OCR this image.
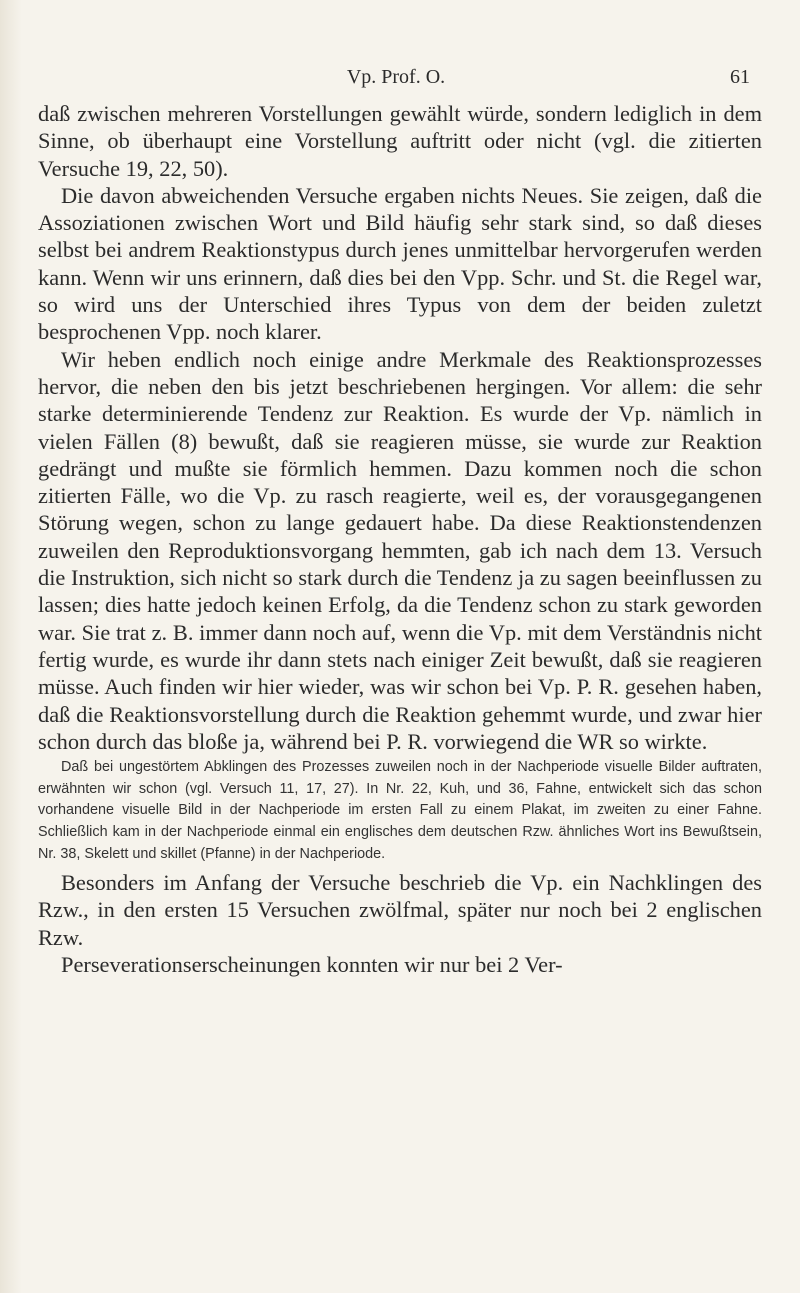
Vp. Prof. O.	61

daß zwischen mehreren Vorstellungen gewählt würde, sondern lediglich in dem Sinne, ob überhaupt eine Vorstellung auftritt oder nicht (vgl. die zitierten Versuche 19, 22, 50).

Die davon abweichenden Versuche ergaben nichts Neues. Sie zeigen, daß die Assoziationen zwischen Wort und Bild häufig sehr stark sind, so daß dieses selbst bei andrem Reaktionstypus durch jenes unmittelbar hervorgerufen werden kann. Wenn wir uns erinnern, daß dies bei den Vpp. Schr. und St. die Regel war, so wird uns der Unterschied ihres Typus von dem der beiden zuletzt besprochenen Vpp. noch klarer.

Wir heben endlich noch einige andre Merkmale des Reaktionsprozesses hervor, die neben den bis jetzt beschriebenen hergingen. Vor allem: die sehr starke determinierende Tendenz zur Reaktion. Es wurde der Vp. nämlich in vielen Fällen (8) bewußt, daß sie reagieren müsse, sie wurde zur Reaktion gedrängt und mußte sie förmlich hemmen. Dazu kommen noch die schon zitierten Fälle, wo die Vp. zu rasch reagierte, weil es, der vorausgegangenen Störung wegen, schon zu lange gedauert habe. Da diese Reaktionstendenzen zuweilen den Reproduktionsvorgang hemmten, gab ich nach dem 13. Versuch die Instruktion, sich nicht so stark durch die Tendenz ja zu sagen beeinflussen zu lassen; dies hatte jedoch keinen Erfolg, da die Tendenz schon zu stark geworden war. Sie trat z. B. immer dann noch auf, wenn die Vp. mit dem Verständnis nicht fertig wurde, es wurde ihr dann stets nach einiger Zeit bewußt, daß sie reagieren müsse. Auch finden wir hier wieder, was wir schon bei Vp. P. R. gesehen haben, daß die Reaktionsvorstellung durch die Reaktion gehemmt wurde, und zwar hier schon durch das bloße ja, während bei P. R. vorwiegend die WR so wirkte.

Daß bei ungestörtem Abklingen des Prozesses zuweilen noch in der Nachperiode visuelle Bilder auftraten, erwähnten wir schon (vgl. Versuch 11, 17, 27). In Nr. 22, Kuh, und 36, Fahne, entwickelt sich das schon vorhandene visuelle Bild in der Nachperiode im ersten Fall zu einem Plakat, im zweiten zu einer Fahne. Schließlich kam in der Nachperiode einmal ein englisches dem deutschen Rzw. ähnliches Wort ins Bewußtsein, Nr. 38, Skelett und skillet (Pfanne) in der Nachperiode.

Besonders im Anfang der Versuche beschrieb die Vp. ein Nachklingen des Rzw., in den ersten 15 Versuchen zwölfmal, später nur noch bei 2 englischen Rzw.

Perseverationserscheinungen konnten wir nur bei 2 Ver-
